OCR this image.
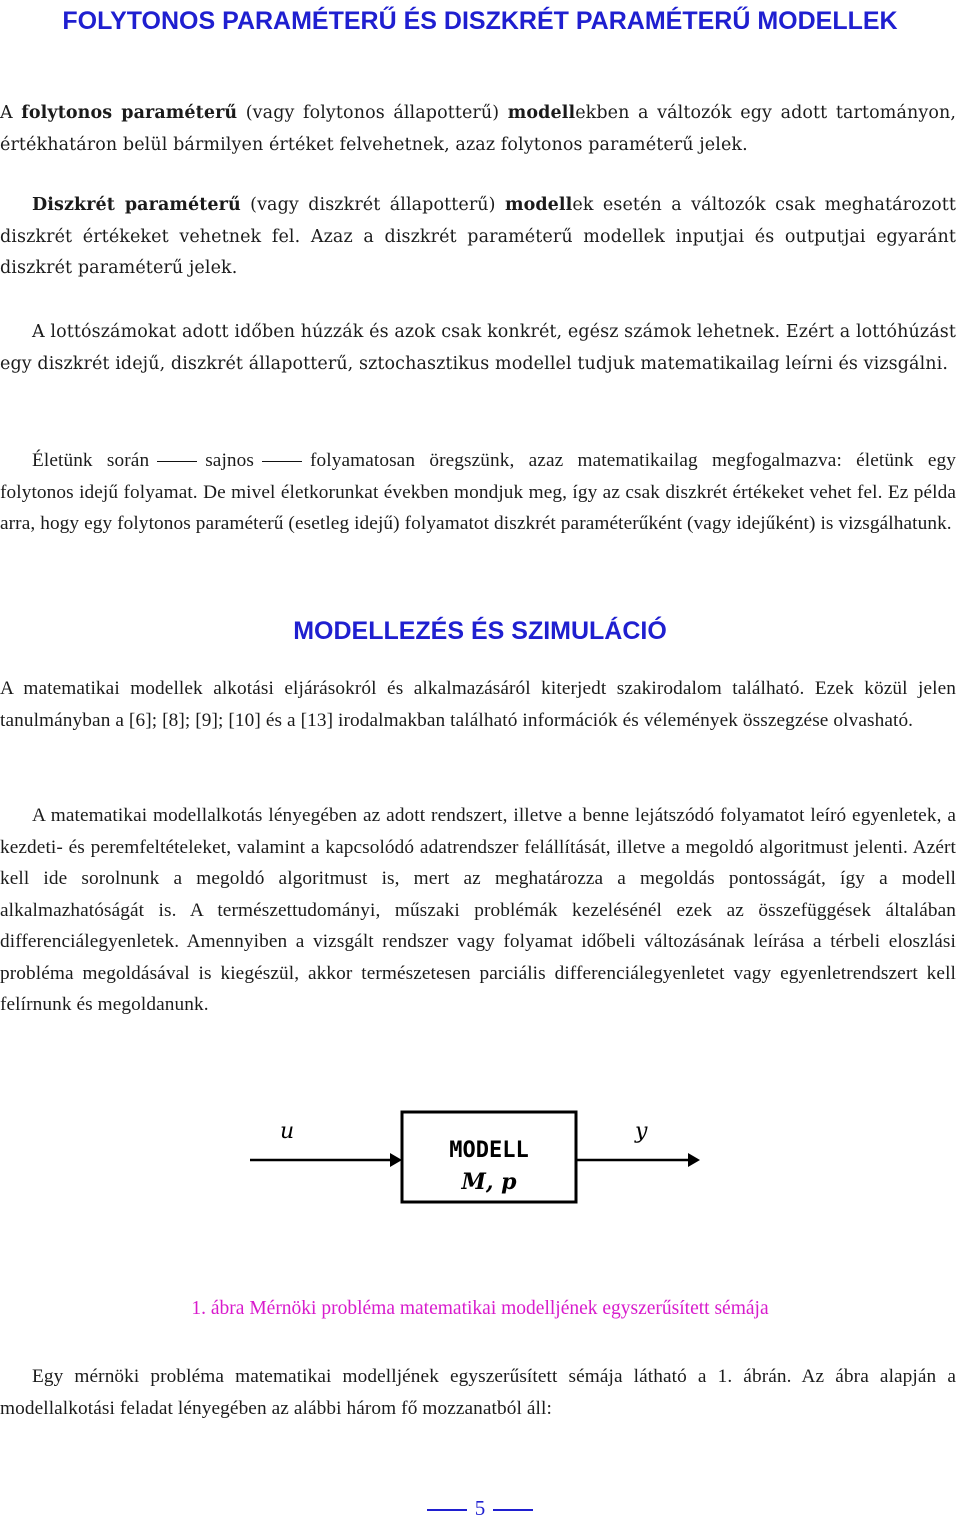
FOLYTONOS PARAMÉTERŰ ÉS DISZKRÉT PARAMÉTERŰ MODELLEK
A folytonos paraméterű (vagy folytonos állapotterű) modellekben a változók egy adott tartományon, értékhatáron belül bármilyen értéket felvehetnek, azaz folytonos paraméterű jelek.
Diszkrét paraméterű (vagy diszkrét állapotterű) modellek esetén a változók csak meghatározott diszkrét értékeket vehetnek fel. Azaz a diszkrét paraméterű modellek inputjai és outputjai egyaránt diszkrét paraméterű jelek.
A lottószámokat adott időben húzzák és azok csak konkrét, egész számok lehetnek. Ezért a lottóhúzást egy diszkrét idejű, diszkrét állapotterű, sztochasztikus modellel tudjuk matematikailag leírni és vizsgálni.
Életünk során	sajnos	folyamatosan öregszünk, azaz matematikailag megfogalmazva: életünk egy folytonos idejű folyamat. De mivel életkorunkat években mondjuk meg, így az csak diszkrét értékeket vehet fel. Ez példa arra, hogy egy folytonos paraméterű (esetleg idejű) folyamatot diszkrét paraméterűként (vagy idejűként) is vizsgálhatunk.
MODELLEZÉS ÉS SZIMULÁCIÓ
A matematikai modellek alkotási eljárásokról és alkalmazásáról kiterjedt szakirodalom található. Ezek közül jelen tanulmányban a [6]; [8]; [9]; [10] és a [13] irodalmakban található információk és vélemények összegzése olvasható.
A matematikai modellalkotás lényegében az adott rendszert, illetve a benne lejátszódó folyamatot leíró egyenletek, a kezdeti- és peremfeltételeket, valamint a kapcsolódó adatrendszer felállítását, illetve a megoldó algoritmust jelenti. Azért kell ide sorolnunk a megoldó algoritmust is, mert az meghatározza a megoldás pontosságát, így a modell alkalmazhatóságát is. A természettudományi, műszaki problémák kezelésénél ezek az összefüggések általában differenciálegyenletek. Amennyiben a vizsgált rendszer vagy folyamat időbeli változásának leírása a térbeli eloszlási probléma megoldásával is kiegészül, akkor természetesen parciális differenciálegyenletet vagy egyenletrendszert kell felírnunk és megoldanunk.
u	y
MODELL
M, p
1. ábra Mérnöki probléma matematikai modelljének egyszerűsített sémája
Egy mérnöki probléma matematikai modelljének egyszerűsített sémája látható a 1. ábrán. Az ábra alapján a modellalkotási feladat lényegében az alábbi három fő mozzanatból áll:
5
